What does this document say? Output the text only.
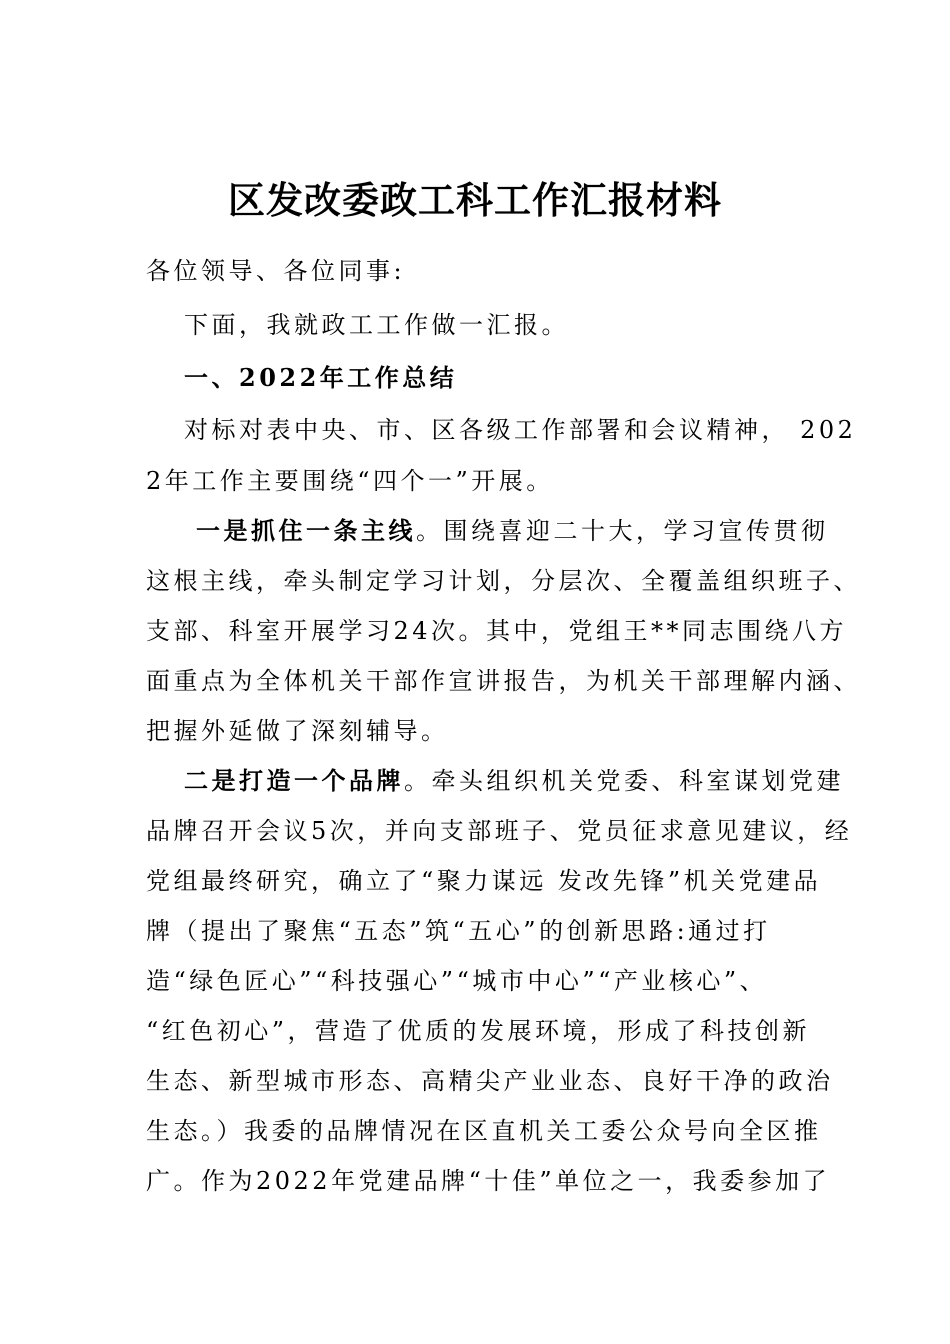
区发改委政工科工作汇报材料
各位领导、各位同事:
下面，我就政工工作做一汇报。
一、2022年工作总结
对标对表中央、市、区各级工作部署和会议精神， 202
2年工作主要围绕“四个一”开展。
一是抓住一条主线。围绕喜迎二十大，学习宣传贯彻
这根主线，牵头制定学习计划，分层次、全覆盖组织班子、
支部、科室开展学习24次。其中，党组王**同志围绕八方
面重点为全体机关干部作宣讲报告，为机关干部理解内涵、
把握外延做了深刻辅导。
二是打造一个品牌。牵头组织机关党委、科室谋划党建
品牌召开会议5次，并向支部班子、党员征求意见建议，经
党组最终研究，确立了“聚力谋远 发改先锋”机关党建品
牌（提出了聚焦“五态”筑“五心”的创新思路:通过打
造“绿色匠心”“科技强心”“城市中心”“产业核心”、
“红色初心”，营造了优质的发展环境，形成了科技创新
生态、新型城市形态、高精尖产业业态、良好干净的政治
生态。）我委的品牌情况在区直机关工委公众号向全区推
广。作为2022年党建品牌“十佳”单位之一，我委参加了
